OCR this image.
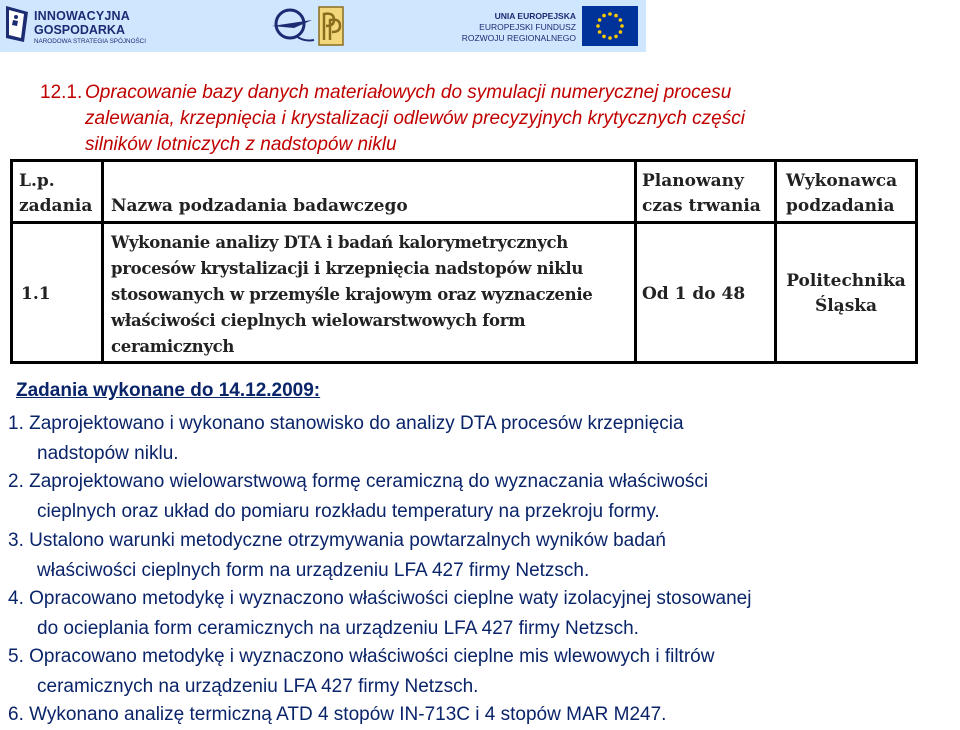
INNOWACYJNA
GOSPODARKA
NARODOWA STRATEGIA SPÓJNOŚCI
UNIA EUROPEJSKA
EUROPEJSKI FUNDUSZ
ROZWOJU REGIONALNEGO
12.1. Opracowanie bazy danych materiałowych do symulacji numerycznej procesu
zalewania, krzepnięcia i krystalizacji odlewów precyzyjnych krytycznych części
silników lotniczych z nadstopów niklu
L.p.
zadania Nazwa podzadania badawczego
Planowany
czas trwania
Wykonawca
podzadania
1.1
Wykonanie analizy DTA i badań kalorymetrycznych
procesów krystalizacji i krzepnięcia nadstopów niklu
stosowanych w przemyśle krajowym oraz wyznaczenie
właściwości cieplnych wielowarstwowych form
ceramicznych
Od 1 do 48
Politechnika
Śląska
Zadania wykonane do 14.12.2009:
1. Zaprojektowano i wykonano stanowisko do analizy DTA procesów krzepnięcia
nadstopów niklu.
2. Zaprojektowano wielowarstwową formę ceramiczną do wyznaczania właściwości
cieplnych oraz układ do pomiaru rozkładu temperatury na przekroju formy.
3. Ustalono warunki metodyczne otrzymywania powtarzalnych wyników badań
właściwości cieplnych form na urządzeniu LFA 427 firmy Netzsch.
4. Opracowano metodykę i wyznaczono właściwości cieplne waty izolacyjnej stosowanej
do ocieplania form ceramicznych na urządzeniu LFA 427 firmy Netzsch.
5. Opracowano metodykę i wyznaczono właściwości cieplne mis wlewowych i filtrów
ceramicznych na urządzeniu LFA 427 firmy Netzsch.
6. Wykonano analizę termiczną ATD 4 stopów IN-713C i 4 stopów MAR M247.
